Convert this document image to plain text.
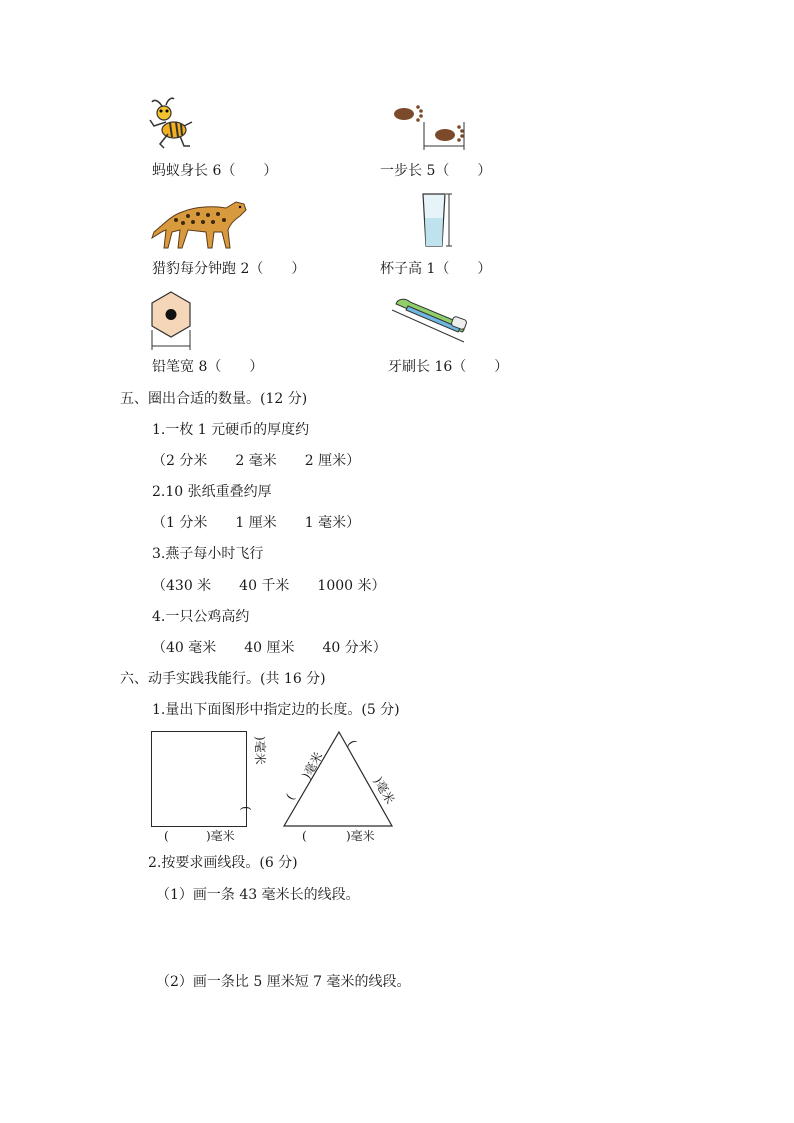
蚂蚁身长 6（　　）	一步长 5（　　）
猎豹每分钟跑 2（　　）	杯子高 1（　　）
铅笔宽 8（　　）	牙刷长 16（　　）
五、圈出合适的数量。(12 分)
1.一枚 1 元硬币的厚度约
（2 分米　　2 毫米　　2 厘米）
2.10 张纸重叠约厚
（1 分米　　1 厘米　　1 毫米）
3.燕子每小时飞行
（430 米　　40 千米　　1000 米）
4.一只公鸡高约
（40 毫米　　40 厘米　　40 分米）
六、动手实践我能行。(共 16 分)
1.量出下面图形中指定边的长度。(5 分)
(	)毫米
(
)毫米
(	)毫米
(
)毫米
(
)毫米
2.按要求画线段。(6 分)
（1）画一条 43 毫米长的线段。
（2）画一条比 5 厘米短 7 毫米的线段。
